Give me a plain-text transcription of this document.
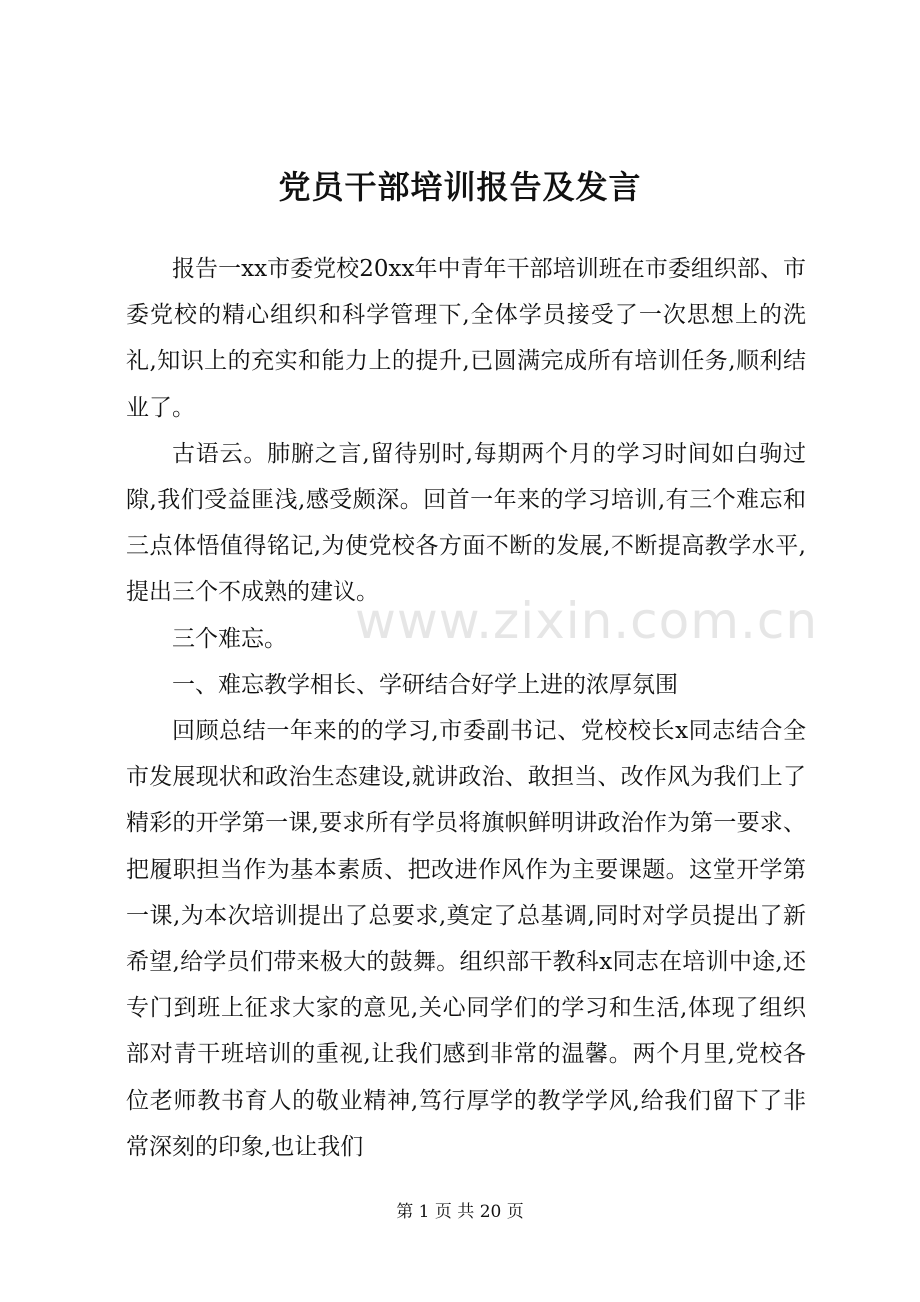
党员干部培训报告及发言

报告一xx市委党校20xx年中青年干部培训班在市委组织部、市委党校的精心组织和科学管理下,全体学员接受了一次思想上的洗礼,知识上的充实和能力上的提升,已圆满完成所有培训任务,顺利结业了。

古语云。肺腑之言,留待别时,每期两个月的学习时间如白驹过隙,我们受益匪浅,感受颇深。回首一年来的学习培训,有三个难忘和三点体悟值得铭记,为使党校各方面不断的发展,不断提高教学水平,提出三个不成熟的建议。

三个难忘。

一、难忘教学相长、学研结合好学上进的浓厚氛围

回顾总结一年来的的学习,市委副书记、党校校长x同志结合全市发展现状和政治生态建设,就讲政治、敢担当、改作风为我们上了精彩的开学第一课,要求所有学员将旗帜鲜明讲政治作为第一要求、把履职担当作为基本素质、把改进作风作为主要课题。这堂开学第一课,为本次培训提出了总要求,奠定了总基调,同时对学员提出了新希望,给学员们带来极大的鼓舞。组织部干教科x同志在培训中途,还专门到班上征求大家的意见,关心同学们的学习和生活,体现了组织部对青干班培训的重视,让我们感到非常的温馨。两个月里,党校各位老师教书育人的敬业精神,笃行厚学的教学学风,给我们留下了非常深刻的印象,也让我们

www.zixin.com.cn
第 1 页 共 20 页
